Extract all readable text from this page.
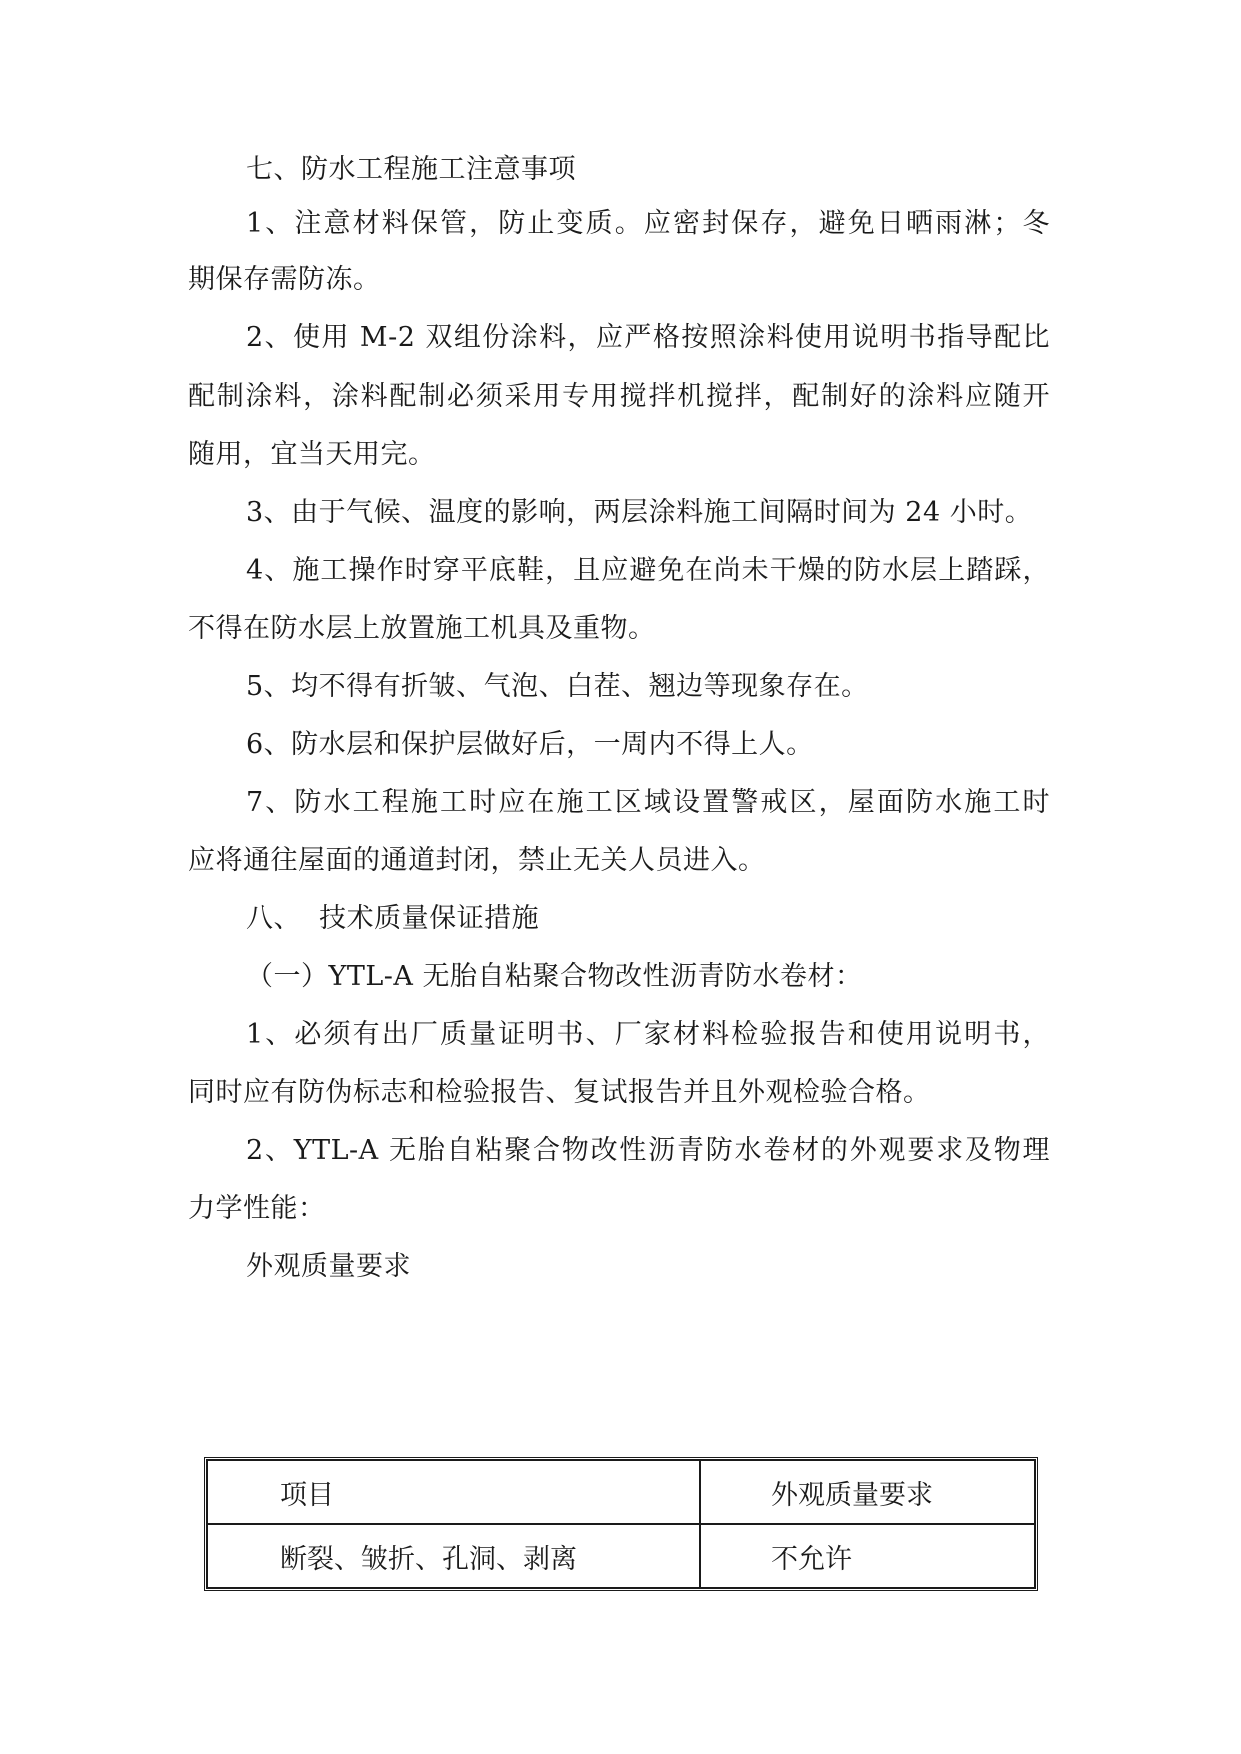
七、防水工程施工注意事项
1、注意材料保管，防止变质。应密封保存，避免日晒雨淋；冬
期保存需防冻。
2、使用 M-2 双组份涂料，应严格按照涂料使用说明书指导配比
配制涂料，涂料配制必须采用专用搅拌机搅拌，配制好的涂料应随开
随用，宜当天用完。
3、由于气候、温度的影响，两层涂料施工间隔时间为 24 小时。
4、施工操作时穿平底鞋，且应避免在尚未干燥的防水层上踏踩，
不得在防水层上放置施工机具及重物。
5、均不得有折皱、气泡、白茬、翘边等现象存在。
6、防水层和保护层做好后，一周内不得上人。
7、防水工程施工时应在施工区域设置警戒区，屋面防水施工时
应将通往屋面的通道封闭，禁止无关人员进入。
八、  技术质量保证措施
（一）YTL-A 无胎自粘聚合物改性沥青防水卷材：
1、必须有出厂质量证明书、厂家材料检验报告和使用说明书，
同时应有防伪标志和检验报告、复试报告并且外观检验合格。
2、YTL-A 无胎自粘聚合物改性沥青防水卷材的外观要求及物理
力学性能：
外观质量要求
项目	外观质量要求
断裂、皱折、孔洞、剥离	不允许
